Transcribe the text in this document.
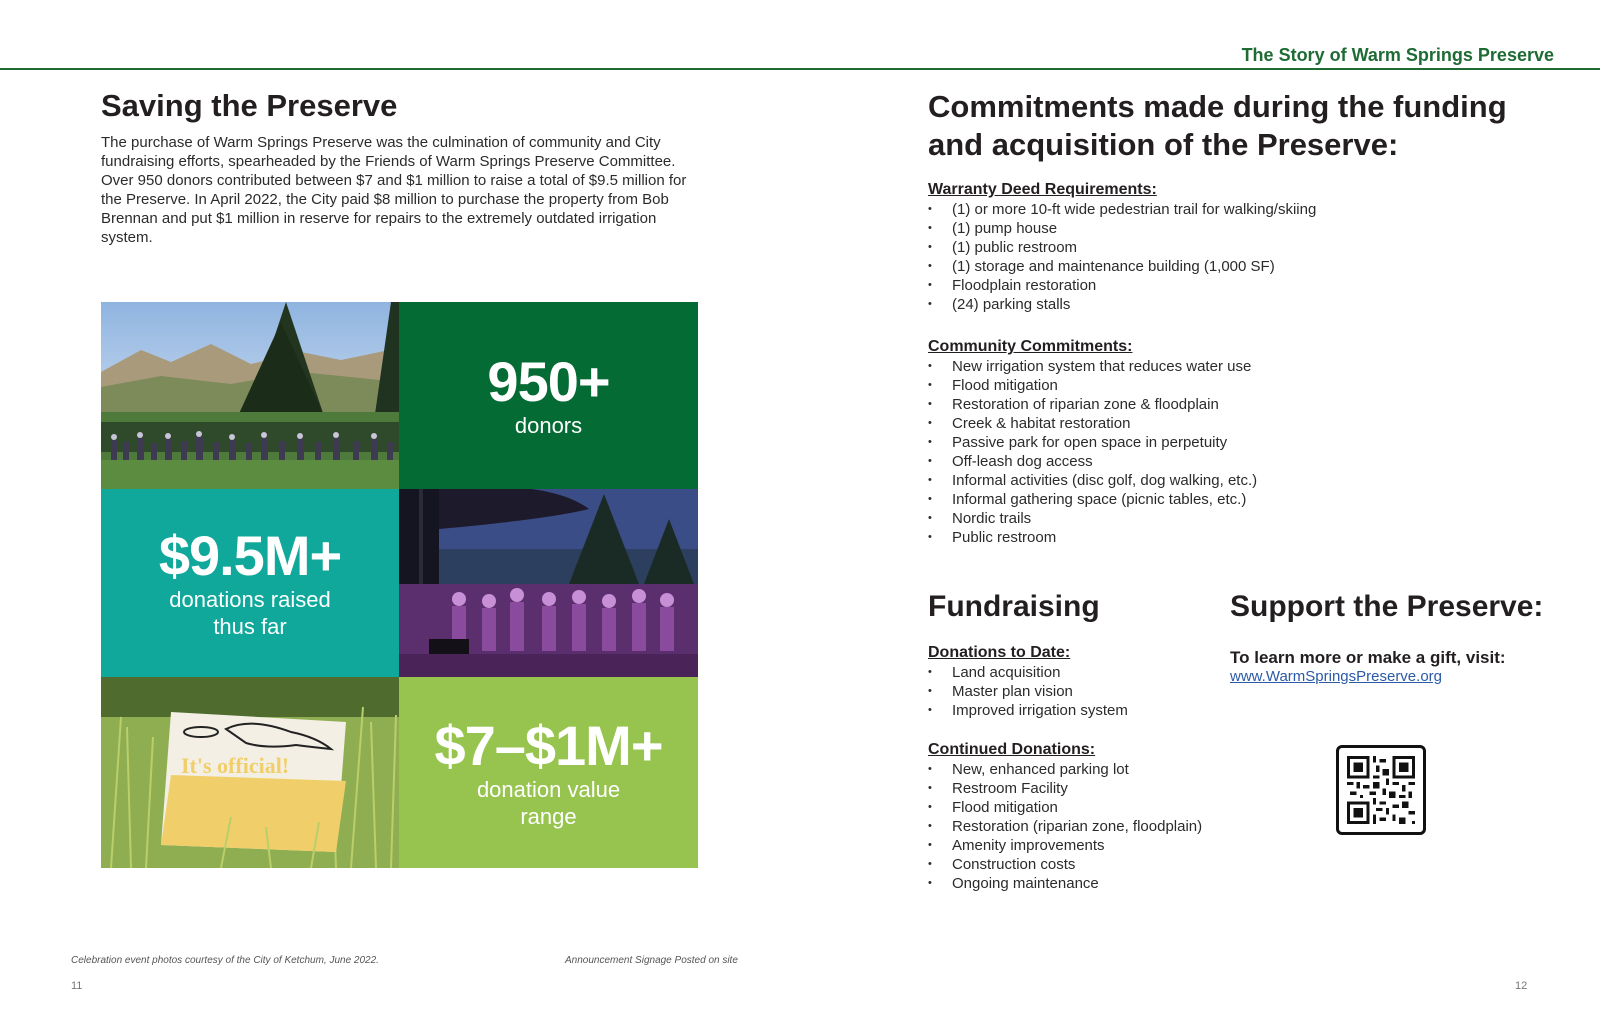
The Story of Warm Springs Preserve
Saving the Preserve

The purchase of Warm Springs Preserve was the culmination of community and City fundraising efforts, spearheaded by the Friends of Warm Springs Preserve Committee. Over 950 donors contributed between $7 and $1 million to raise a total of $9.5 million for the Preserve. In April 2022, the City paid $8 million to purchase the property from Bob Brennan and put $1 million in reserve for repairs to the extremely outdated irrigation system.

950+
donors
$9.5M+
donations raised
thus far
It's official!	$7–$1M+
donation value
range
Celebration event photos courtesy of the City of Ketchum, June 2022.	Announcement Signage Posted on site
11
Commitments made during the funding and acquisition of the Preserve:
Warranty Deed Requirements:
• (1) or more 10-ft wide pedestrian trail for walking/skiing
• (1) pump house
• (1) public restroom
• (1) storage and maintenance building (1,000 SF)
• Floodplain restoration
• (24) parking stalls
Community Commitments:
• New irrigation system that reduces water use
• Flood mitigation
• Restoration of riparian zone & floodplain
• Creek & habitat restoration
• Passive park for open space in perpetuity
• Off-leash dog access
• Informal activities (disc golf, dog walking, etc.)
• Informal gathering space (picnic tables, etc.)
• Nordic trails
• Public restroom
Fundraising
Donations to Date:
• Land acquisition
• Master plan vision
• Improved irrigation system
Continued Donations:
• New, enhanced parking lot
• Restroom Facility
• Flood mitigation
• Restoration (riparian zone, floodplain)
• Amenity improvements
• Construction costs
• Ongoing maintenance
Support the Preserve:
To learn more or make a gift, visit:
www.WarmSpringsPreserve.org
12
